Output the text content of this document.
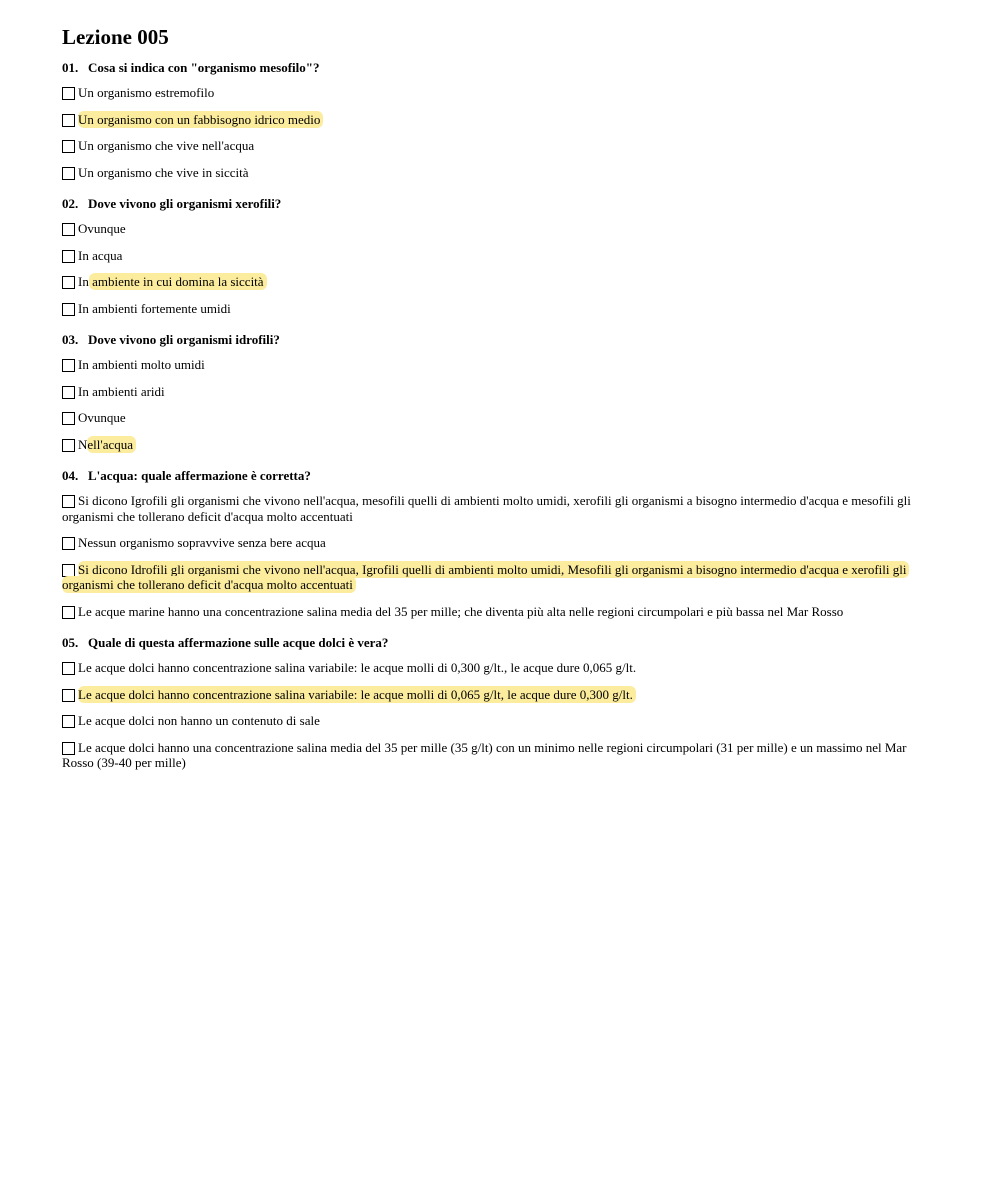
Lezione 005
01. Cosa si indica con "organismo mesofilo"?
Un organismo estremofilo
Un organismo con un fabbisogno idrico medio
Un organismo che vive nell'acqua
Un organismo che vive in siccità
02. Dove vivono gli organismi xerofili?
Ovunque
In acqua
In ambiente in cui domina la siccità
In ambienti fortemente umidi
03. Dove vivono gli organismi idrofili?
In ambienti molto umidi
In ambienti aridi
Ovunque
Nell'acqua
04. L'acqua: quale affermazione è corretta?
Si dicono Igrofili gli organismi che vivono nell'acqua, mesofili quelli di ambienti molto umidi, xerofili gli organismi a bisogno intermedio d'acqua e mesofili gli organismi che tollerano deficit d'acqua molto accentuati
Nessun organismo sopravvive senza bere acqua
Si dicono Idrofili gli organismi che vivono nell'acqua, Igrofili quelli di ambienti molto umidi, Mesofili gli organismi a bisogno intermedio d'acqua e xerofili gli organismi che tollerano deficit d'acqua molto accentuati
Le acque marine hanno una concentrazione salina media del 35 per mille; che diventa più alta nelle regioni circumpolari e più bassa nel Mar Rosso
05. Quale di questa affermazione sulle acque dolci è vera?
Le acque dolci hanno concentrazione salina variabile: le acque molli di 0,300 g/lt., le acque dure 0,065 g/lt.
Le acque dolci hanno concentrazione salina variabile: le acque molli di 0,065 g/lt, le acque dure 0,300 g/lt.
Le acque dolci non hanno un contenuto di sale
Le acque dolci hanno una concentrazione salina media del 35 per mille (35 g/lt) con un minimo nelle regioni circumpolari (31 per mille) e un massimo nel Mar Rosso (39-40 per mille)
